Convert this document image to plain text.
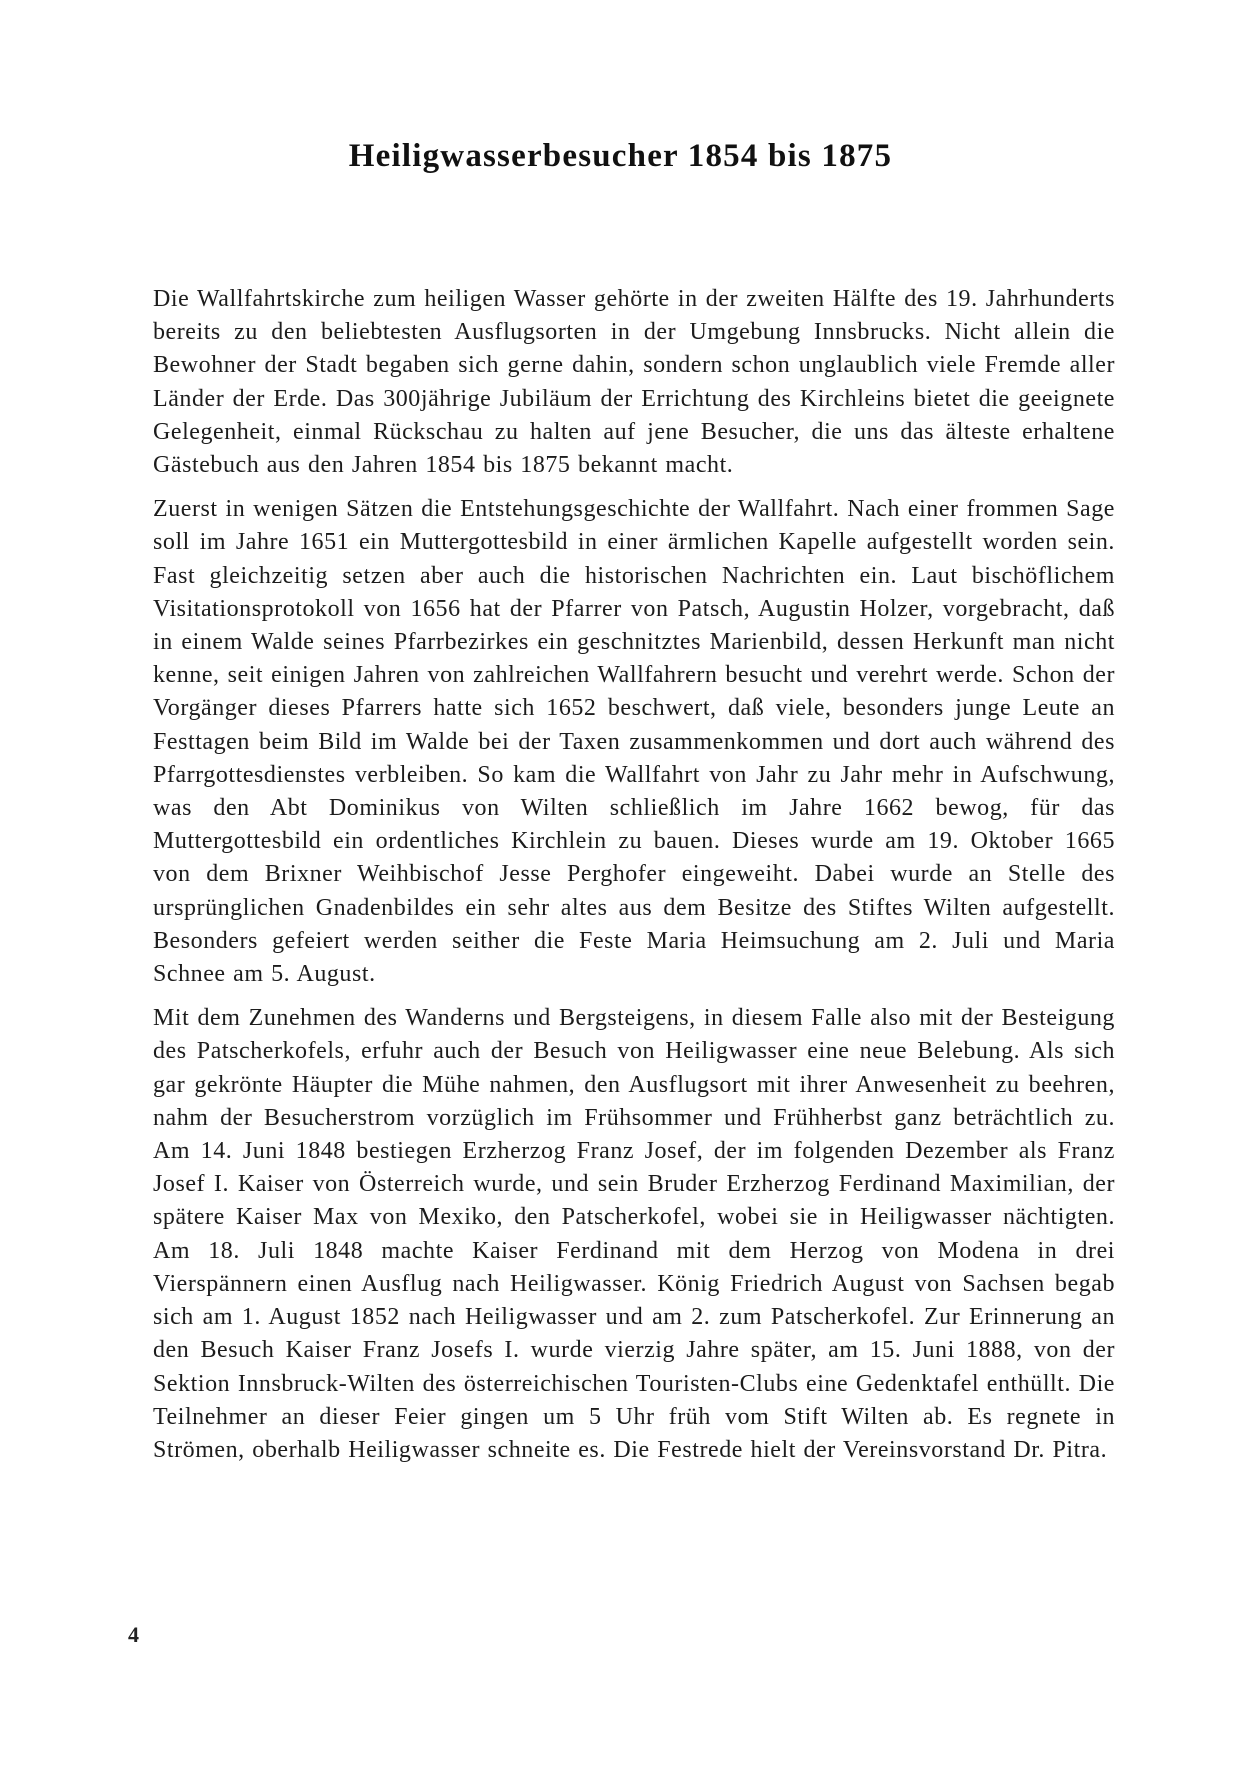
Heiligwasserbesucher 1854 bis 1875

Die Wallfahrtskirche zum heiligen Wasser gehörte in der zweiten Hälfte des 19. Jahrhunderts bereits zu den beliebtesten Ausflugsorten in der Umgebung Innsbrucks. Nicht allein die Bewohner der Stadt begaben sich gerne dahin, sondern schon unglaublich viele Fremde aller Länder der Erde. Das 300jährige Jubiläum der Errichtung des Kirchleins bietet die geeignete Gelegenheit, einmal Rückschau zu halten auf jene Besucher, die uns das älteste erhaltene Gästebuch aus den Jahren 1854 bis 1875 bekannt macht.

Zuerst in wenigen Sätzen die Entstehungsgeschichte der Wallfahrt. Nach einer frommen Sage soll im Jahre 1651 ein Muttergottesbild in einer ärmlichen Kapelle aufgestellt worden sein. Fast gleichzeitig setzen aber auch die historischen Nachrichten ein. Laut bischöflichem Visitationsprotokoll von 1656 hat der Pfarrer von Patsch, Augustin Holzer, vorgebracht, daß in einem Walde seines Pfarrbezirkes ein geschnitztes Marienbild, dessen Herkunft man nicht kenne, seit einigen Jahren von zahlreichen Wallfahrern besucht und verehrt werde. Schon der Vorgänger dieses Pfarrers hatte sich 1652 beschwert, daß viele, besonders junge Leute an Festtagen beim Bild im Walde bei der Taxen zusammenkommen und dort auch während des Pfarrgottesdienstes verbleiben. So kam die Wallfahrt von Jahr zu Jahr mehr in Aufschwung, was den Abt Dominikus von Wilten schließlich im Jahre 1662 bewog, für das Muttergottesbild ein ordentliches Kirchlein zu bauen. Dieses wurde am 19. Oktober 1665 von dem Brixner Weihbischof Jesse Perghofer eingeweiht. Dabei wurde an Stelle des ursprünglichen Gnadenbildes ein sehr altes aus dem Besitze des Stiftes Wilten aufgestellt. Besonders gefeiert werden seither die Feste Maria Heimsuchung am 2. Juli und Maria Schnee am 5. August.

Mit dem Zunehmen des Wanderns und Bergsteigens, in diesem Falle also mit der Besteigung des Patscherkofels, erfuhr auch der Besuch von Heiligwasser eine neue Belebung. Als sich gar gekrönte Häupter die Mühe nahmen, den Ausflugsort mit ihrer Anwesenheit zu beehren, nahm der Besucherstrom vorzüglich im Frühsommer und Frühherbst ganz beträchtlich zu. Am 14. Juni 1848 bestiegen Erzherzog Franz Josef, der im folgenden Dezember als Franz Josef I. Kaiser von Österreich wurde, und sein Bruder Erzherzog Ferdinand Maximilian, der spätere Kaiser Max von Mexiko, den Patscherkofel, wobei sie in Heiligwasser nächtigten. Am 18. Juli 1848 machte Kaiser Ferdinand mit dem Herzog von Modena in drei Vierspännern einen Ausflug nach Heiligwasser. König Friedrich August von Sachsen begab sich am 1. August 1852 nach Heiligwasser und am 2. zum Patscherkofel. Zur Erinnerung an den Besuch Kaiser Franz Josefs I. wurde vierzig Jahre später, am 15. Juni 1888, von der Sektion Innsbruck-Wilten des österreichischen Touristen-Clubs eine Gedenktafel enthüllt. Die Teilnehmer an dieser Feier gingen um 5 Uhr früh vom Stift Wilten ab. Es regnete in Strömen, oberhalb Heiligwasser schneite es. Die Festrede hielt der Vereinsvorstand Dr. Pitra.

4
